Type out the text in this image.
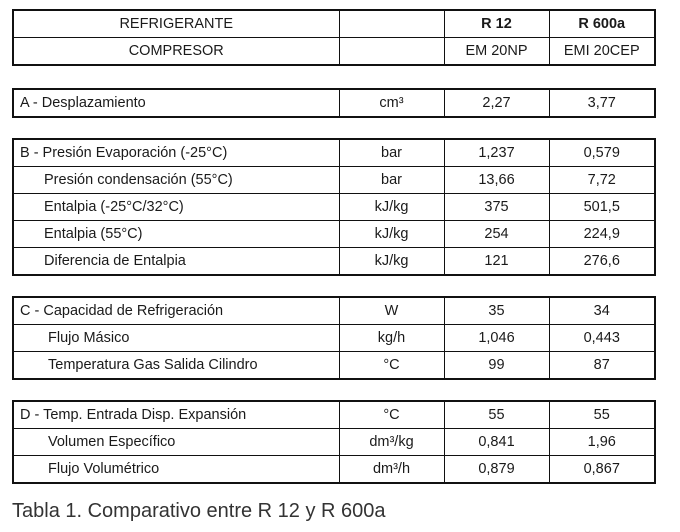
REFRIGERANTE		R 12	R 600a
COMPRESOR		EM 20NP	EMI 20CEP
A - Desplazamiento	cm³	2,27	3,77
B - Presión Evaporación (-25°C)	bar	1,237	0,579
Presión condensación (55°C)	bar	13,66	7,72
Entalpia (-25°C/32°C)	kJ/kg	375	501,5
Entalpia (55°C)	kJ/kg	254	224,9
Diferencia de Entalpia	kJ/kg	121	276,6
C - Capacidad de Refrigeración	W	35	34
Flujo Másico	kg/h	1,046	0,443
Temperatura Gas Salida Cilindro	°C	99	87
D - Temp. Entrada Disp. Expansión	°C	55	55
Volumen Específico	dm³/kg	0,841	1,96
Flujo Volumétrico	dm³/h	0,879	0,867
Tabla 1. Comparativo entre R 12 y R 600a
